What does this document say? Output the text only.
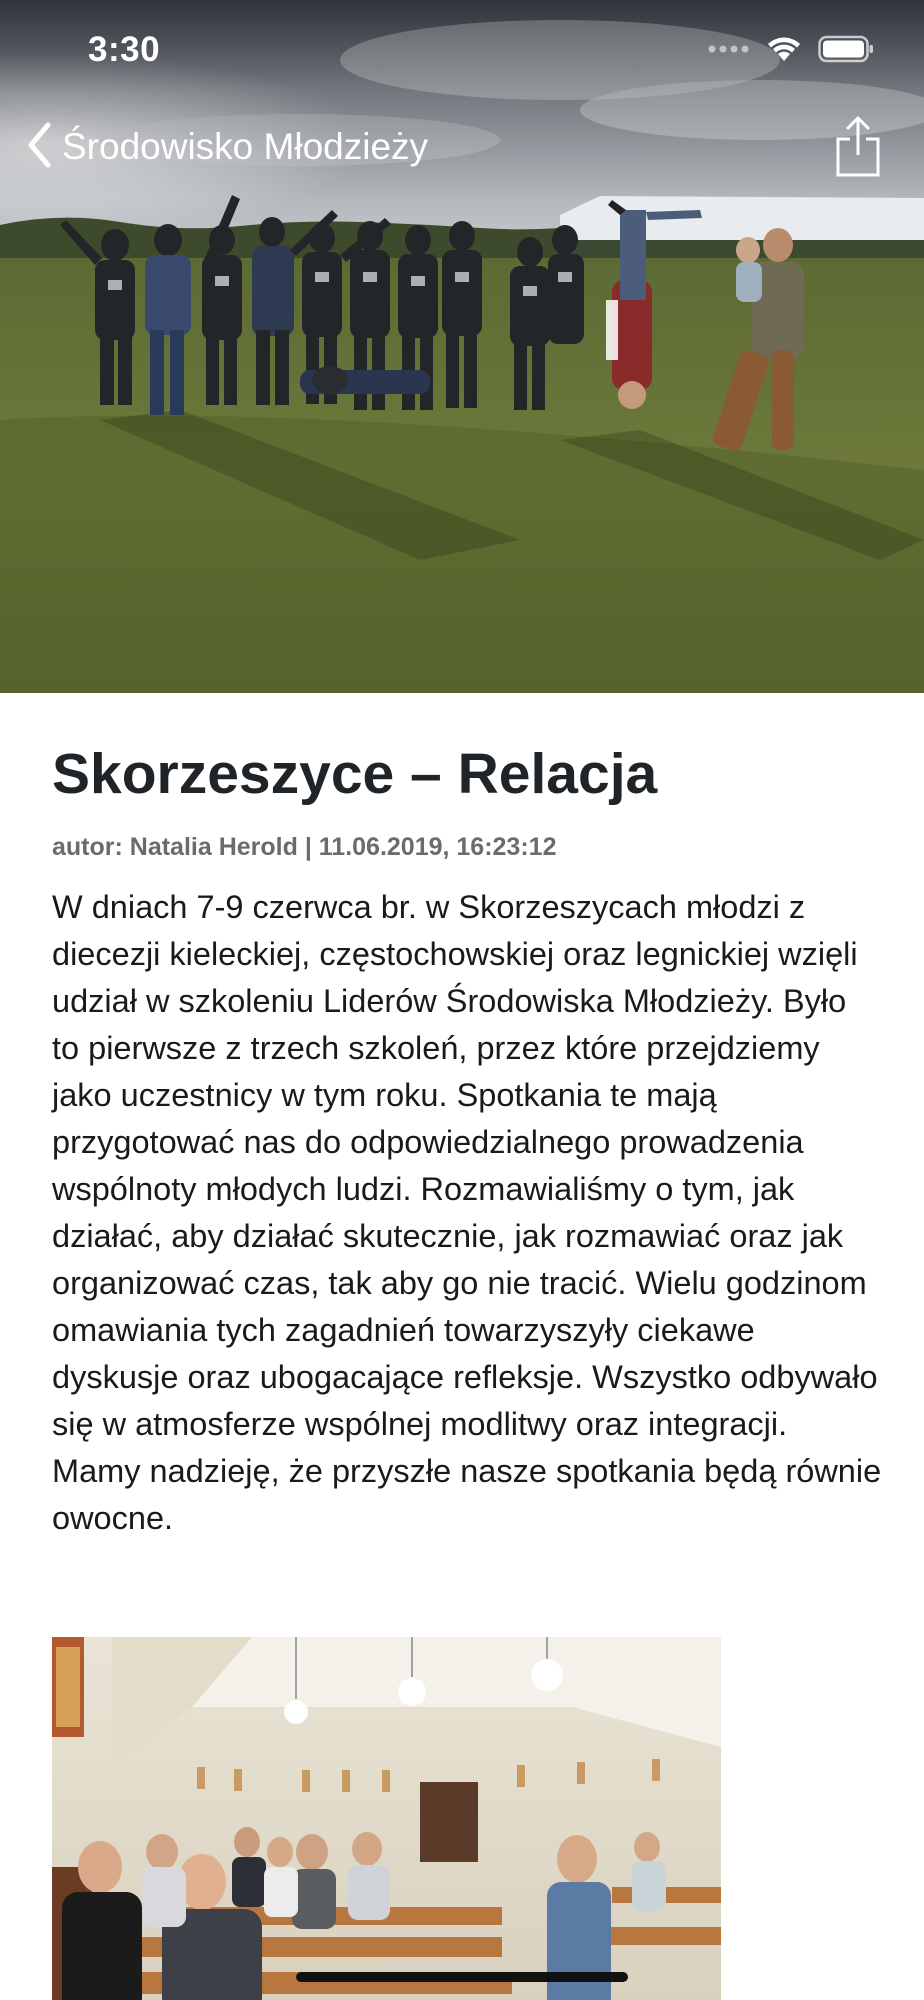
3:30
Środowisko Młodzieży
Skorzeszyce – Relacja
autor: Natalia Herold | 11.06.2019, 16:23:12
W dniach 7-9 czerwca br. w Skorzeszycach młodzi z diecezji kieleckiej, częstochowskiej oraz legnickiej wzięli udział w szkoleniu Liderów Środowiska Młodzieży. Było to pierwsze z trzech szkoleń, przez które przejdziemy jako uczestnicy w tym roku. Spotkania te mają przygotować nas do odpowiedzialnego prowadzenia wspólnoty młodych ludzi. Rozmawialiśmy o tym, jak działać, aby działać skutecznie, jak rozmawiać oraz jak organizować czas, tak aby go nie tracić. Wielu godzinom omawiania tych zagadnień towarzyszyły ciekawe dyskusje oraz ubogacające refleksje. Wszystko odbywało się w atmosferze wspólnej modlitwy oraz integracji. Mamy nadzieję, że przyszłe nasze spotkania będą równie owocne.
